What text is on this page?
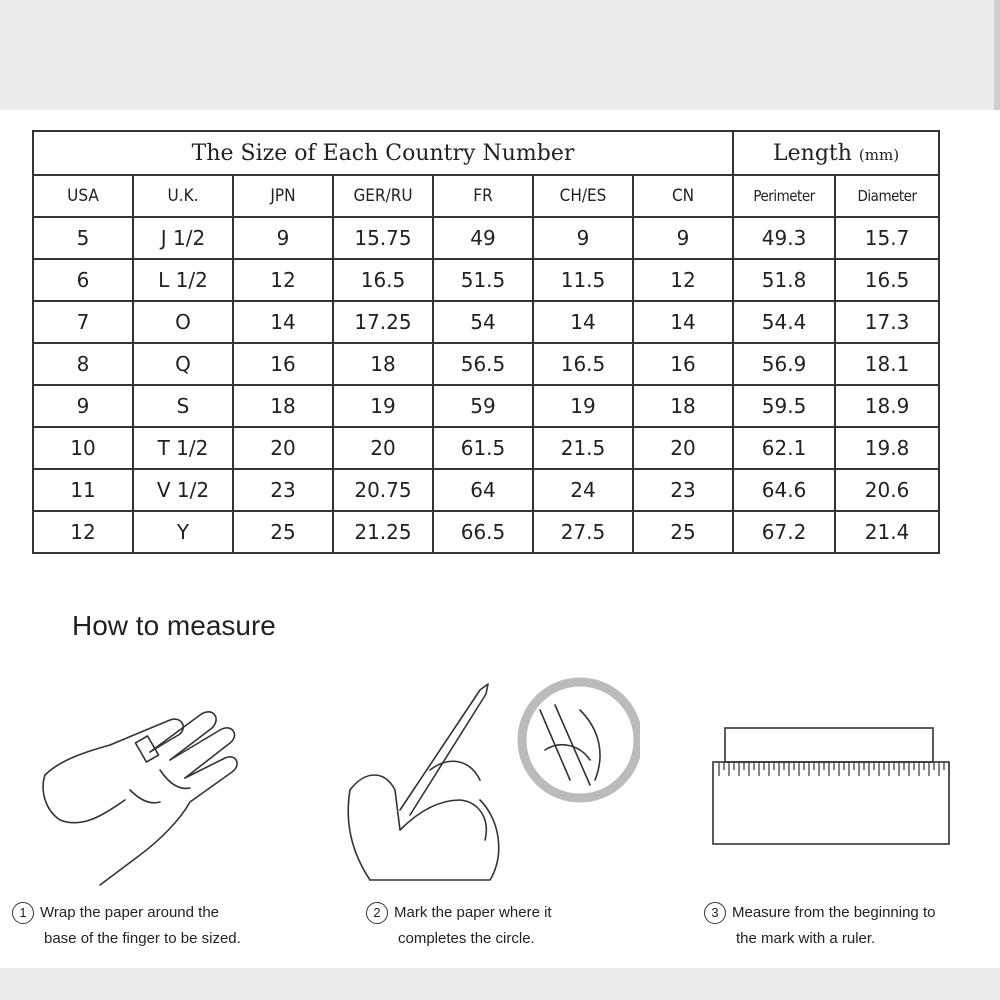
The Size of Each Country Number							Length (mm)	
USA	U.K.	JPN	GER/RU	FR	CH/ES	CN	Perimeter	Diameter
5	J 1/2	9	15.75	49	9	9	49.3	15.7
6	L 1/2	12	16.5	51.5	11.5	12	51.8	16.5
7	O	14	17.25	54	14	14	54.4	17.3
8	Q	16	18	56.5	16.5	16	56.9	18.1
9	S	18	19	59	19	18	59.5	18.9
10	T 1/2	20	20	61.5	21.5	20	62.1	19.8
11	V 1/2	23	20.75	64	24	23	64.6	20.6
12	Y	25	21.25	66.5	27.5	25	67.2	21.4
How to measure
1 Wrap the paper around the
base of the finger to be sized.
2 Mark the paper where it
completes the circle.
3 Measure from the beginning to
the mark with a ruler.
